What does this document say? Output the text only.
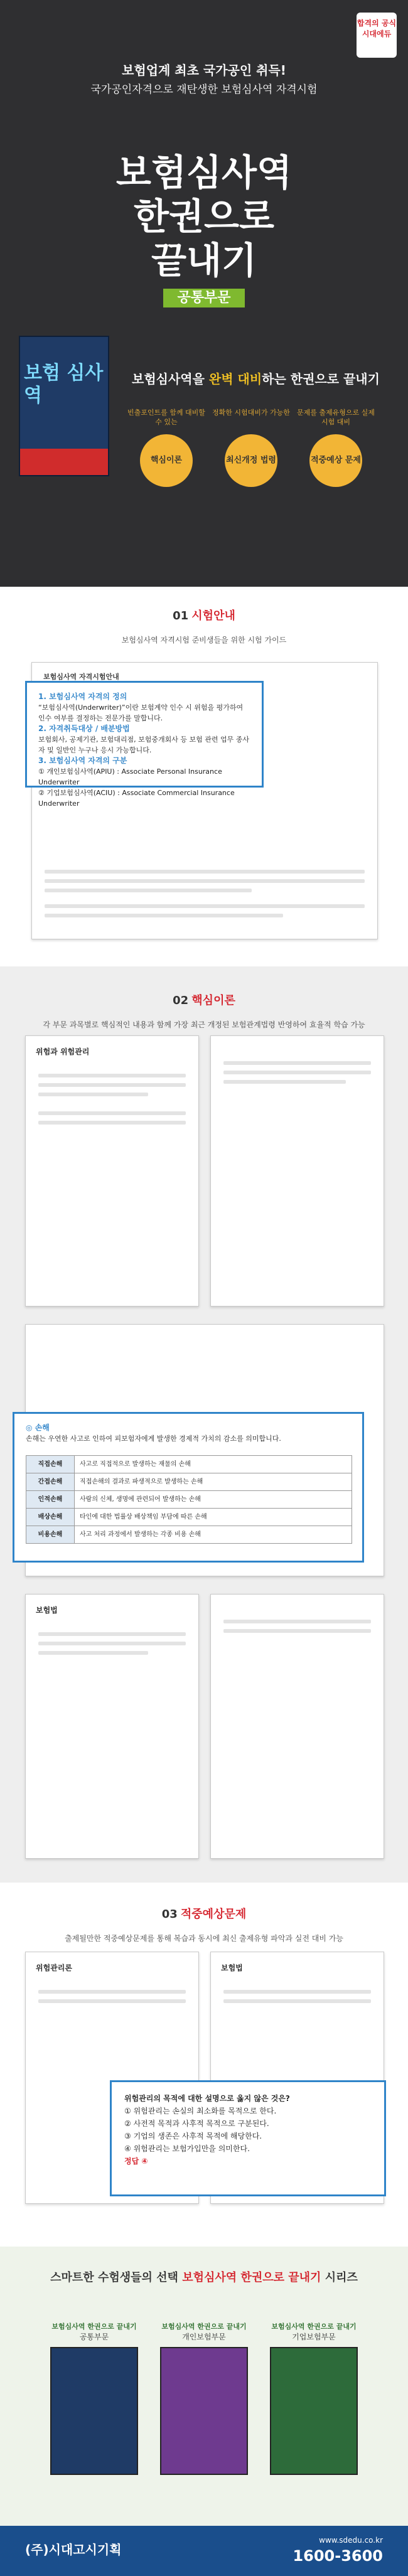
합격의 공식 시대에듀
보험업계 최초 국가공인 취득!
국가공인자격으로 재탄생한 보험심사역 자격시험
보험심사역
한권으로
끝내기
공통부문
보험 심사역
보험심사역을 완벽 대비하는 한권으로 끝내기
빈출포인트를 함께 대비할 수 있는
핵심이론
정확한 시험대비가 가능한
최신개정 법령
문제를 출제유형으로 실제 시험 대비
적중예상 문제
01 시험안내
보험심사역 자격시험 준비생들을 위한 시험 가이드
보험심사역 자격시험안내
1. 보험심사역 자격의 정의
“보험심사역(Underwriter)”이란 보험계약 인수 시 위험을 평가하여 인수 여부를 결정하는 전문가를 말합니다.
2. 자격취득대상 / 배분방법
보험회사, 공제기관, 보험대리점, 보험중개회사 등 보험 관련 업무 종사자 및 일반인 누구나 응시 가능합니다.
3. 보험심사역 자격의 구분
① 개인보험심사역(APIU) : Associate Personal Insurance Underwriter
② 기업보험심사역(ACIU) : Associate Commercial Insurance Underwriter
02 핵심이론
각 부문 과목별로 핵심적인 내용과 함께 가장 최근 개정된 보험관계법령 반영하여 효율적 학습 가능
위험과 위험관리
◎ 손해
손해는 우연한 사고로 인하여 피보험자에게 발생한 경제적 가치의 감소를 의미합니다.
직접손해	사고로 직접적으로 발생하는 재물의 손해
간접손해	직접손해의 결과로 파생적으로 발생하는 손해
인적손해	사람의 신체, 생명에 관련되어 발생하는 손해
배상손해	타인에 대한 법률상 배상책임 부담에 따른 손해
비용손해	사고 처리 과정에서 발생하는 각종 비용 손해
보험법
03 적중예상문제
출제될만한 적중예상문제를 통해 복습과 동시에 최신 출제유형 파악과 실전 대비 가능
위험관리론	보험법
위험관리의 목적에 대한 설명으로 옳지 않은 것은?
① 위험관리는 손실의 최소화를 목적으로 한다.
② 사전적 목적과 사후적 목적으로 구분된다.
③ 기업의 생존은 사후적 목적에 해당한다.
④ 위험관리는 보험가입만을 의미한다.
정답 ④
스마트한 수험생들의 선택 보험심사역 한권으로 끝내기 시리즈
보험심사역 한권으로 끝내기
공통부문
보험심사역 한권으로 끝내기
개인보험부문
보험심사역 한권으로 끝내기
기업보험부문
(주)시대고시기획
www.sdedu.co.kr
1600-3600
